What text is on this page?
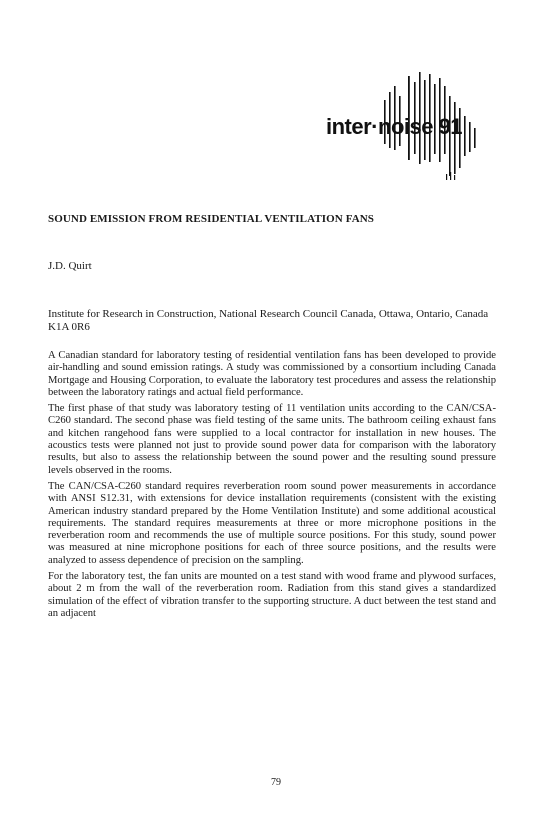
inter·noise 91
SOUND EMISSION FROM RESIDENTIAL VENTILATION FANS
J.D. Quirt
Institute for Research in Construction, National Research Council Canada, Ottawa, Ontario, Canada K1A 0R6

A Canadian standard for laboratory testing of residential ventilation fans has been developed to provide air-handling and sound emission ratings. A study was commissioned by a consortium including Canada Mortgage and Housing Corporation, to evaluate the laboratory test procedures and assess the relationship between the laboratory ratings and actual field performance.

The first phase of that study was laboratory testing of 11 ventilation units according to the CAN/CSA-C260 standard. The second phase was field testing of the same units. The bathroom ceiling exhaust fans and kitchen rangehood fans were supplied to a local contractor for installation in new houses. The acoustics tests were planned not just to provide sound power data for comparison with the laboratory results, but also to assess the relationship between the sound power and the resulting sound pressure levels observed in the rooms.

The CAN/CSA-C260 standard requires reverberation room sound power measurements in accordance with ANSI S12.31, with extensions for device installation requirements (consistent with the existing American industry standard prepared by the Home Ventilation Institute) and some additional acoustical requirements. The standard requires measurements at three or more microphone positions in the reverberation room and recommends the use of multiple source positions. For this study, sound power was measured at nine microphone positions for each of three source positions, and the results were analyzed to assess dependence of precision on the sampling.

For the laboratory test, the fan units are mounted on a test stand with wood frame and plywood surfaces, about 2 m from the wall of the reverberation room. Radiation from this stand gives a standardized simulation of the effect of vibration transfer to the supporting structure. A duct between the test stand and an adjacent

79
